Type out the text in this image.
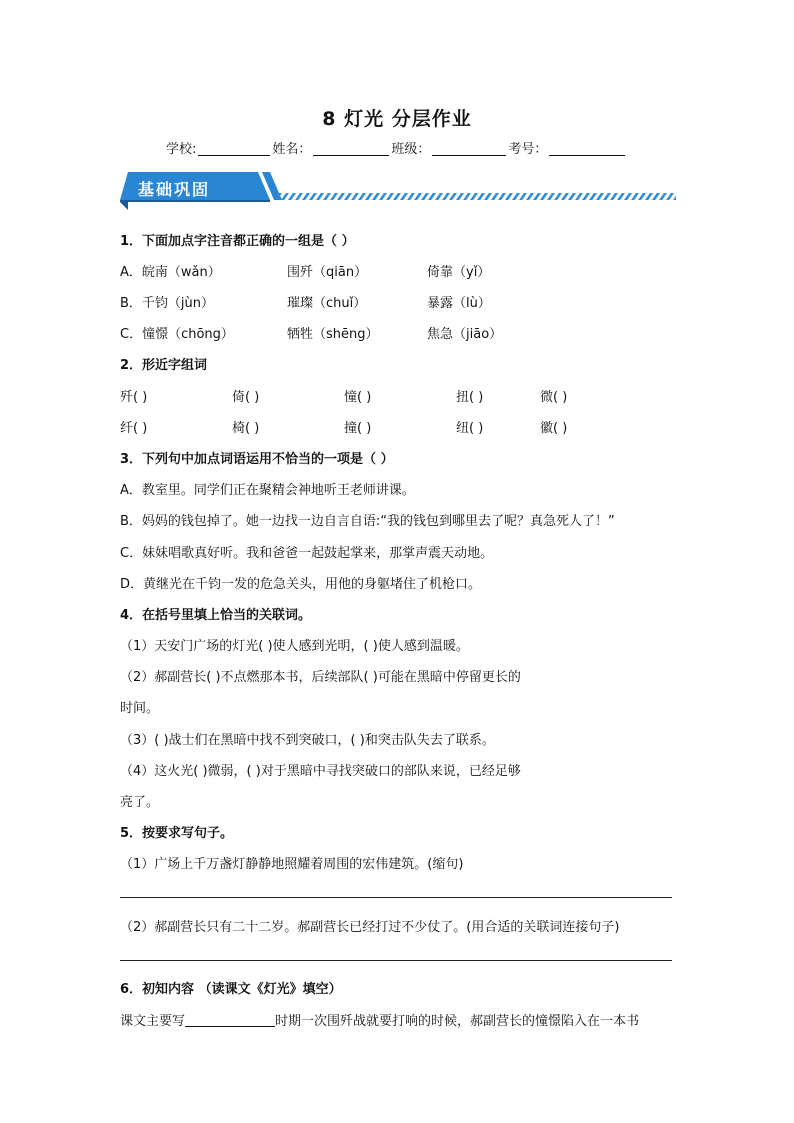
8 灯光 分层作业
学校:	姓名：	班级：	考号：
基础巩固
1．下面加点字注音都正确的一组是（ ）
A．皖南（wǎn）	围歼（qiān）	倚靠（yǐ）
B．千钧（jùn）	璀璨（chuǐ）	暴露（lù）
C．憧憬（chōng）	牺牲（shēng）	焦急（jiāo）
2．形近字组词
歼( )	倚( )	憧( )	扭( )	微( )
纤( )	椅( )	撞( )	纽( )	徽( )
3．下列句中加点词语运用不恰当的一项是（ ）
A．教室里。同学们正在聚精会神地听王老师讲课。
B．妈妈的钱包掉了。她一边找一边自言自语:“我的钱包到哪里去了呢？真急死人了！”
C．妹妹唱歌真好听。我和爸爸一起鼓起掌来，那掌声震天动地。
D．黄继光在千钧一发的危急关头，用他的身躯堵住了机枪口。
4．在括号里填上恰当的关联词。
（1）天安门广场的灯光( )使人感到光明，( )使人感到温暖。
（2）郝副营长( )不点燃那本书，后续部队( )可能在黑暗中停留更长的
时间。
（3）( )战士们在黑暗中找不到突破口，( )和突击队失去了联系。
（4）这火光( )微弱，( )对于黑暗中寻找突破口的部队来说，已经足够
亮了。
5．按要求写句子。
（1）广场上千万盏灯静静地照耀着周围的宏伟建筑。(缩句)
（2）郝副营长只有二十二岁。郝副营长已经打过不少仗了。(用合适的关联词连接句子)
6．初知内容 （读课文《灯光》填空）
课文主要写	时期一次围歼战就要打响的时候，郝副营长的憧憬陷入在一本书
